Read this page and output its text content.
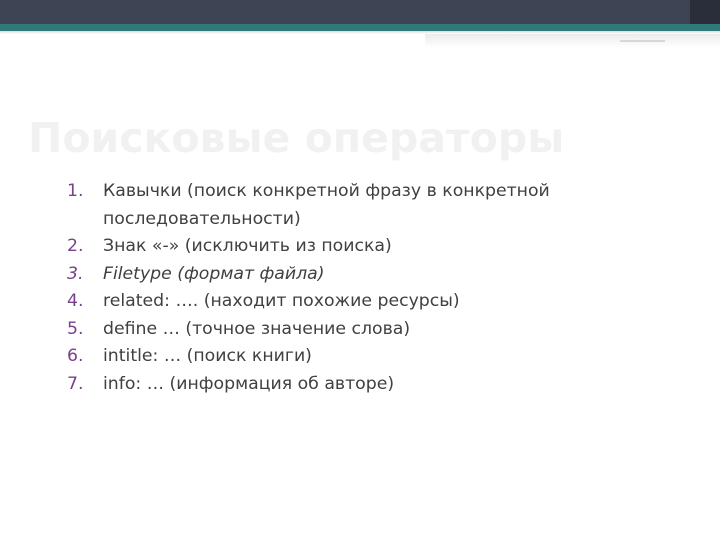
Поисковые операторы
1. Кавычки (поиск конкретной фразу в конкретной последовательности)
2. Знак «-» (исключить из поиска)
3. Filetype (формат файла)
4. related: …. (находит похожие ресурсы)
5. define … (точное значение слова)
6. intitle: … (поиск книги)
7. info: … (информация об авторе)
